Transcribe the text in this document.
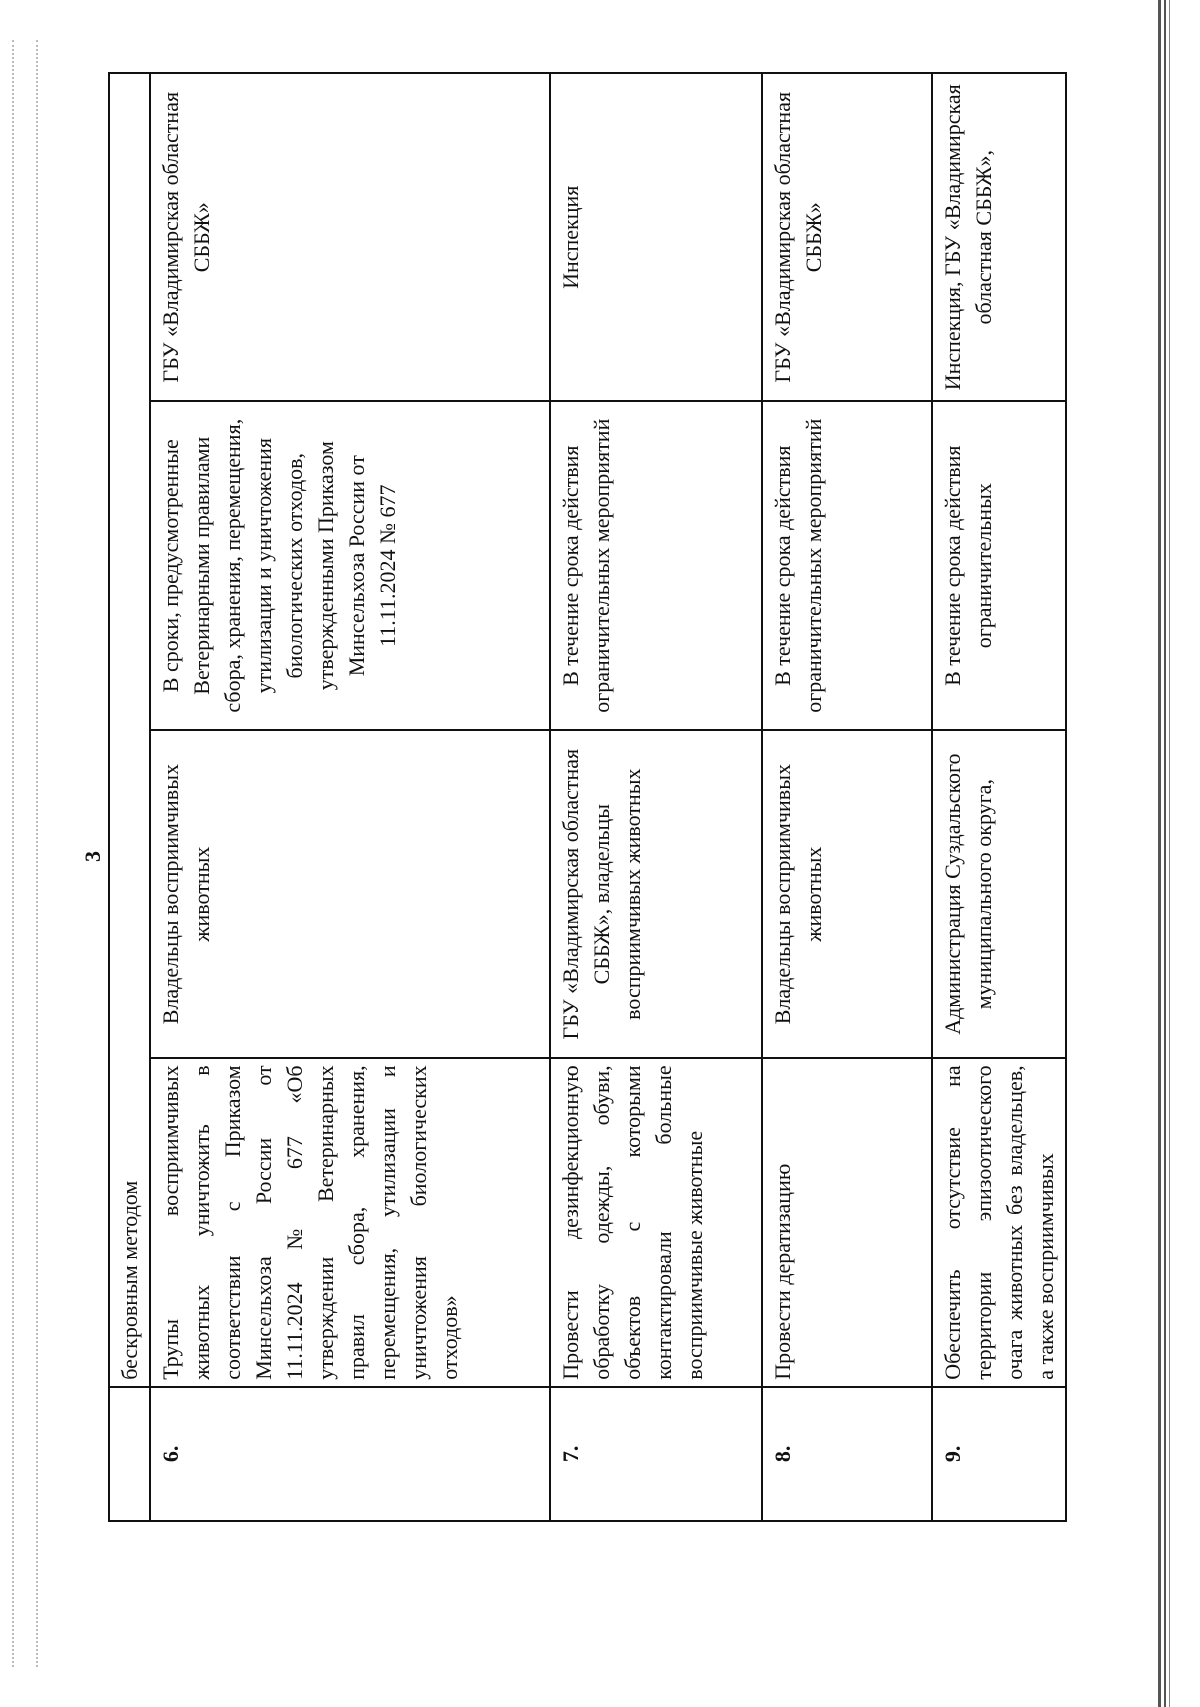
3
	бескровным методом			
6.	Трупы восприимчивых животных уничтожить в соответствии с Приказом Минсельхоза России от 11.11.2024 № 677 «Об утверждении Ветеринарных правил сбора, хранения, перемещения, утилизации и уничтожения биологических отходов»	Владельцы восприимчивых животных	В сроки, предусмотренные Ветеринарными правилами сбора, хранения, перемещения, утилизации и уничтожения биологических отходов, утвержденными Приказом Минсельхоза России от 11.11.2024 № 677	ГБУ «Владимирская областная СББЖ»
7.	Провести дезинфекционную обработку одежды, обуви, объектов с которыми контактировали больные восприимчивые животные	ГБУ «Владимирская областная СББЖ», владельцы восприимчивых животных	В течение срока действия ограничительных мероприятий	Инспекция
8.	Провести дератизацию	Владельцы восприимчивых животных	В течение срока действия ограничительных мероприятий	ГБУ «Владимирская областная СББЖ»
9.	Обеспечить отсутствие на территории эпизоотического очага животных без владельцев, а также восприимчивых	Администрация Суздальского муниципального округа,	В течение срока действия ограничительных	Инспекция, ГБУ «Владимирская областная СББЖ»,
